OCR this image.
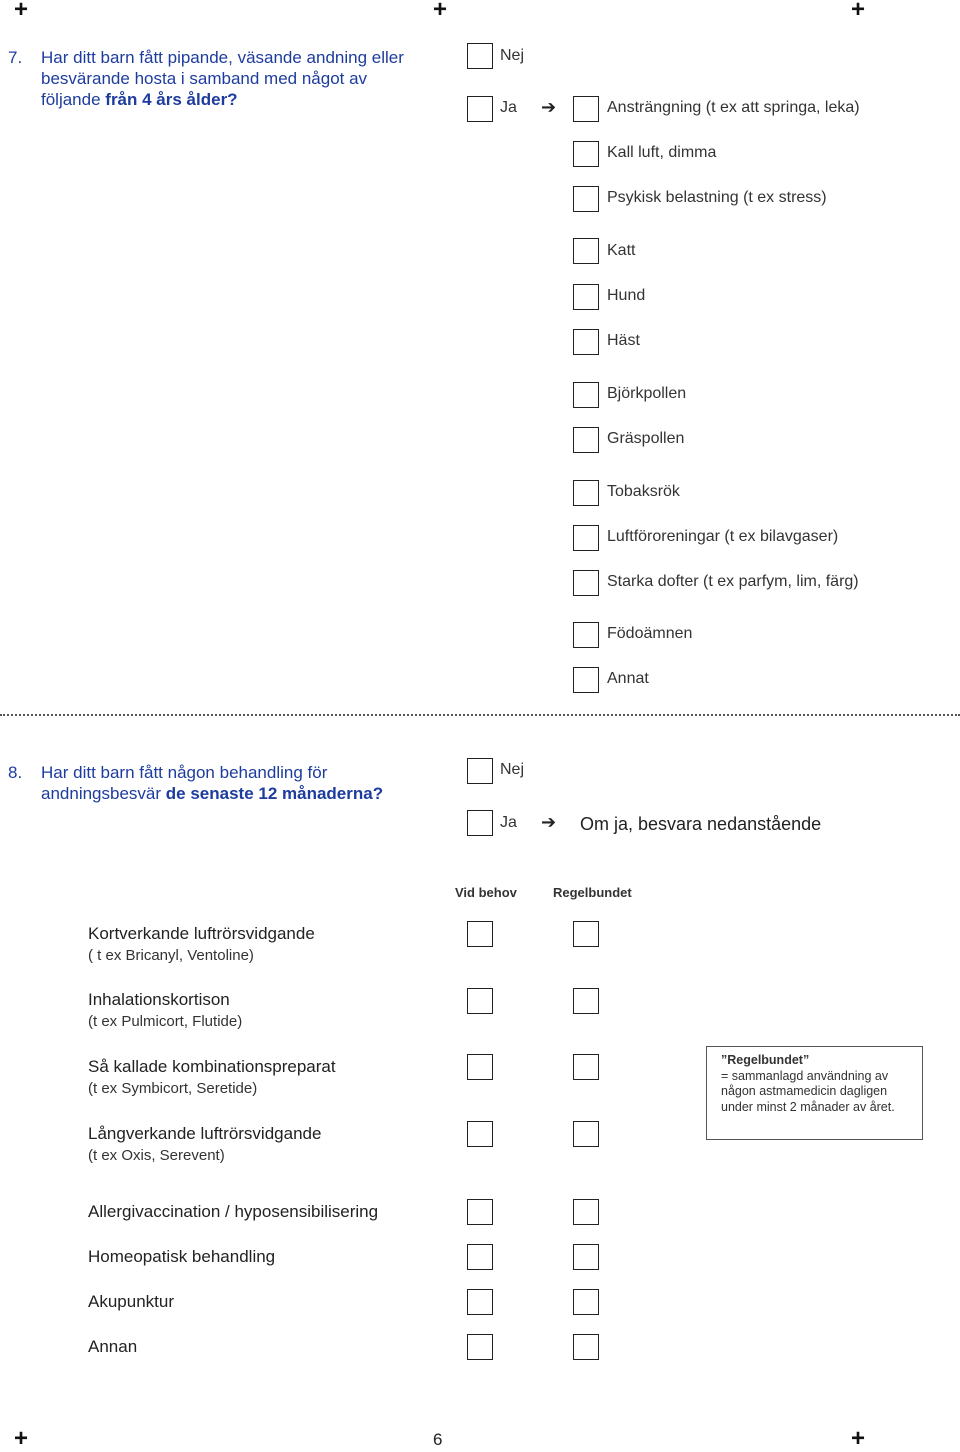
+	+	+
+	+
7. Har ditt barn fått pipande, väsande andning eller besvärande hosta i samband med något av följande från 4 års ålder?
Nej
Ja ➔	Ansträngning (t ex att springa, leka)
Kall luft, dimma
Psykisk belastning (t ex stress)
Katt
Hund
Häst
Björkpollen
Gräspollen
Tobaksrök
Luftföroreningar (t ex bilavgaser)
Starka dofter (t ex parfym, lim, färg)
Födoämnen
Annat
8. Har ditt barn fått någon behandling för andningsbesvär de senaste 12 månaderna?
Nej
Ja ➔ Om ja, besvara nedanstående
Vid behov	Regelbundet
Kortverkande luftrörsvidgande
( t ex Bricanyl, Ventoline)
Inhalationskortison
(t ex Pulmicort, Flutide)
Så kallade kombinationspreparat
(t ex Symbicort, Seretide)
Långverkande luftrörsvidgande
(t ex Oxis, Serevent)
Allergivaccination / hyposensibilisering
Homeopatisk behandling
Akupunktur
Annan
”Regelbundet”
= sammanlagd användning av
någon astmamedicin dagligen
under minst 2 månader av året.
6
